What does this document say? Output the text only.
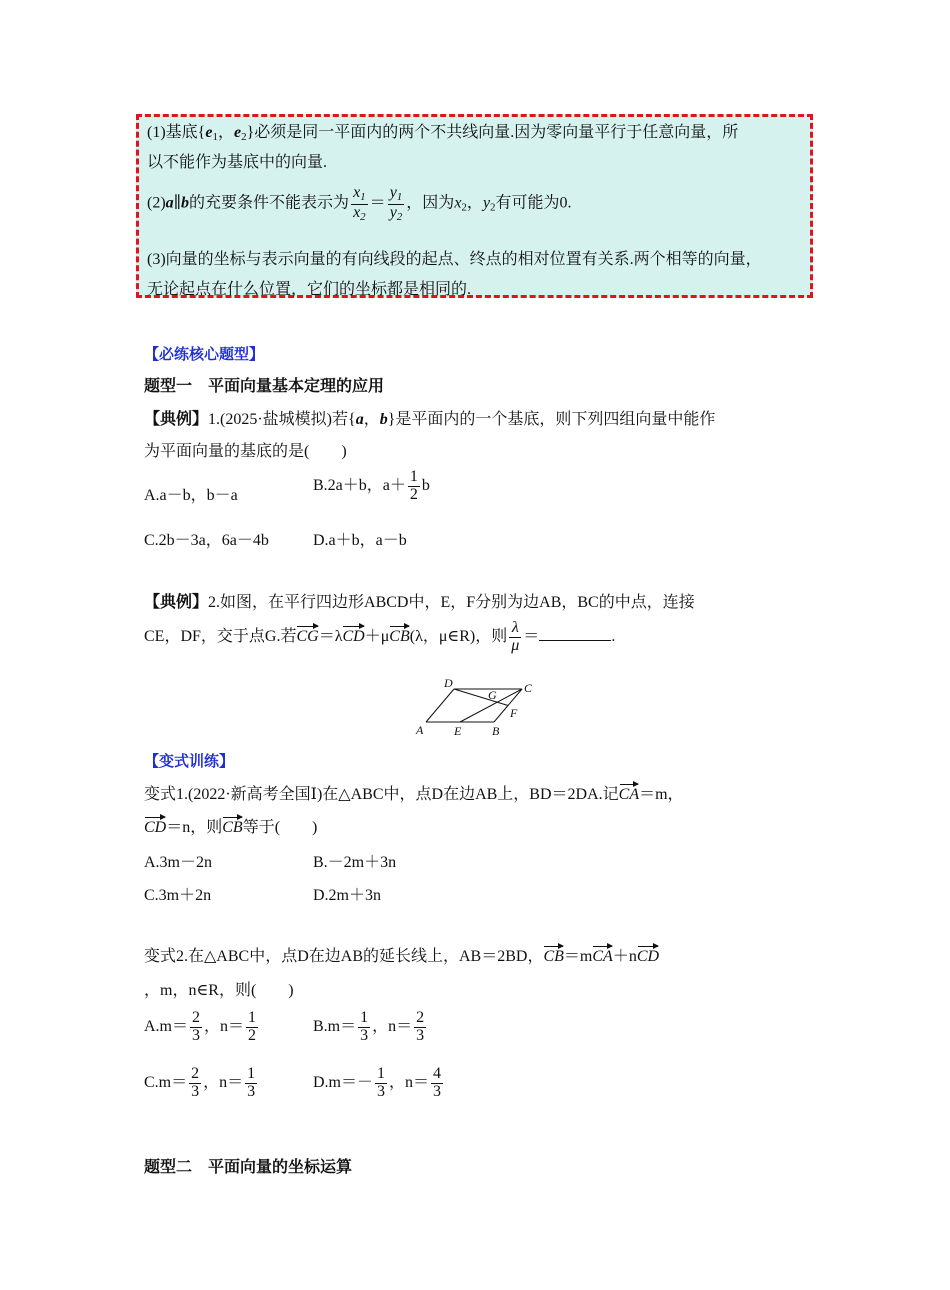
(1)基底{$e_1$，$e_2$}必须是同一平面内的两个不共线向量.因为零向量平行于任意向量，所
以不能作为基底中的向量.
(2)a∥b的充要条件不能表示为 $\frac{x_1}{x_2} = \frac{y_1}{y_2}$ ，因为$x_2$，$y_2$有可能为0.
(3)向量的坐标与表示向量的有向线段的起点、终点的相对位置有关系.两个相等的向量，
无论起点在什么位置，它们的坐标都是相同的.
【必练核心题型】
题型一　平面向量基本定理的应用
【典例】1.(2025·盐城模拟)若{a，b}是平面内的一个基底，则下列四组向量中能作
为平面向量的基底的是(　　)
A.a－b，b－a
B.2a＋b，$a+ \frac{1}{2}$ b
C.2b－3a，6a－4b	D.a＋b，a－b
【典例】2.如图，在平行四边形ABCD中，E，F分别为边AB，BC的中点，连接
CE，DF，交于点G.若CG＝λCD＋μCB(λ，μ∈R)，则 $\frac{\lambda}{\mu}$ ＝	.
A	E	B
F
C
D
G
【变式训练】
变式1.(2022·新高考全国Ⅰ)在△ABC中，点D在边AB上，BD＝2DA.记CA＝m，
CD＝n，则CB等于(　　)
A.3m－2n	B.－2m＋3n
C.3m＋2n	D.2m＋3n
变式2.在△ABC中，点D在边AB的延长线上，AB＝2BD，CB＝mCA＋nCD
，m，n∈R，则(　　)
$A.m= \frac{2}{3}$ ，$n= \frac{1}{2}$	$B.m= \frac{1}{3}$ ，$n= \frac{2}{3}$
$C.m= \frac{2}{3}$ ，$n= \frac{1}{3}$	$D.m=- \frac{1}{3}$ ，$n= \frac{4}{3}$
题型二　平面向量的坐标运算
